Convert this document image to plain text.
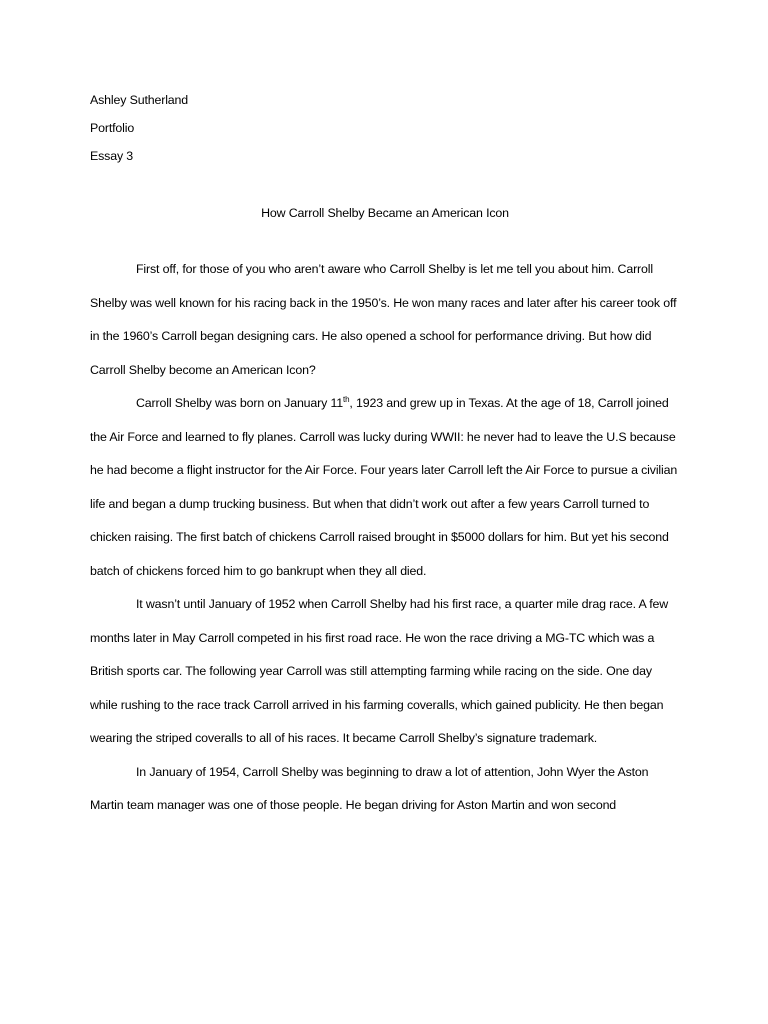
Ashley Sutherland
Portfolio
Essay 3
How Carroll Shelby Became an American Icon

First off, for those of you who aren’t aware who Carroll Shelby is let me tell you about him. Carroll Shelby was well known for his racing back in the 1950’s. He won many races and later after his career took off in the 1960’s Carroll began designing cars. He also opened a school for performance driving. But how did Carroll Shelby become an American Icon?

Carroll Shelby was born on January 11th, 1923 and grew up in Texas. At the age of 18, Carroll joined the Air Force and learned to fly planes. Carroll was lucky during WWII: he never had to leave the U.S because he had become a flight instructor for the Air Force. Four years later Carroll left the Air Force to pursue a civilian life and began a dump trucking business. But when that didn’t work out after a few years Carroll turned to chicken raising. The first batch of chickens Carroll raised brought in $5000 dollars for him. But yet his second batch of chickens forced him to go bankrupt when they all died.

It wasn’t until January of 1952 when Carroll Shelby had his first race, a quarter mile drag race. A few months later in May Carroll competed in his first road race. He won the race driving a MG-TC which was a British sports car. The following year Carroll was still attempting farming while racing on the side. One day while rushing to the race track Carroll arrived in his farming coveralls, which gained publicity. He then began wearing the striped coveralls to all of his races. It became Carroll Shelby’s signature trademark.

In January of 1954, Carroll Shelby was beginning to draw a lot of attention, John Wyer the Aston Martin team manager was one of those people. He began driving for Aston Martin and won second
